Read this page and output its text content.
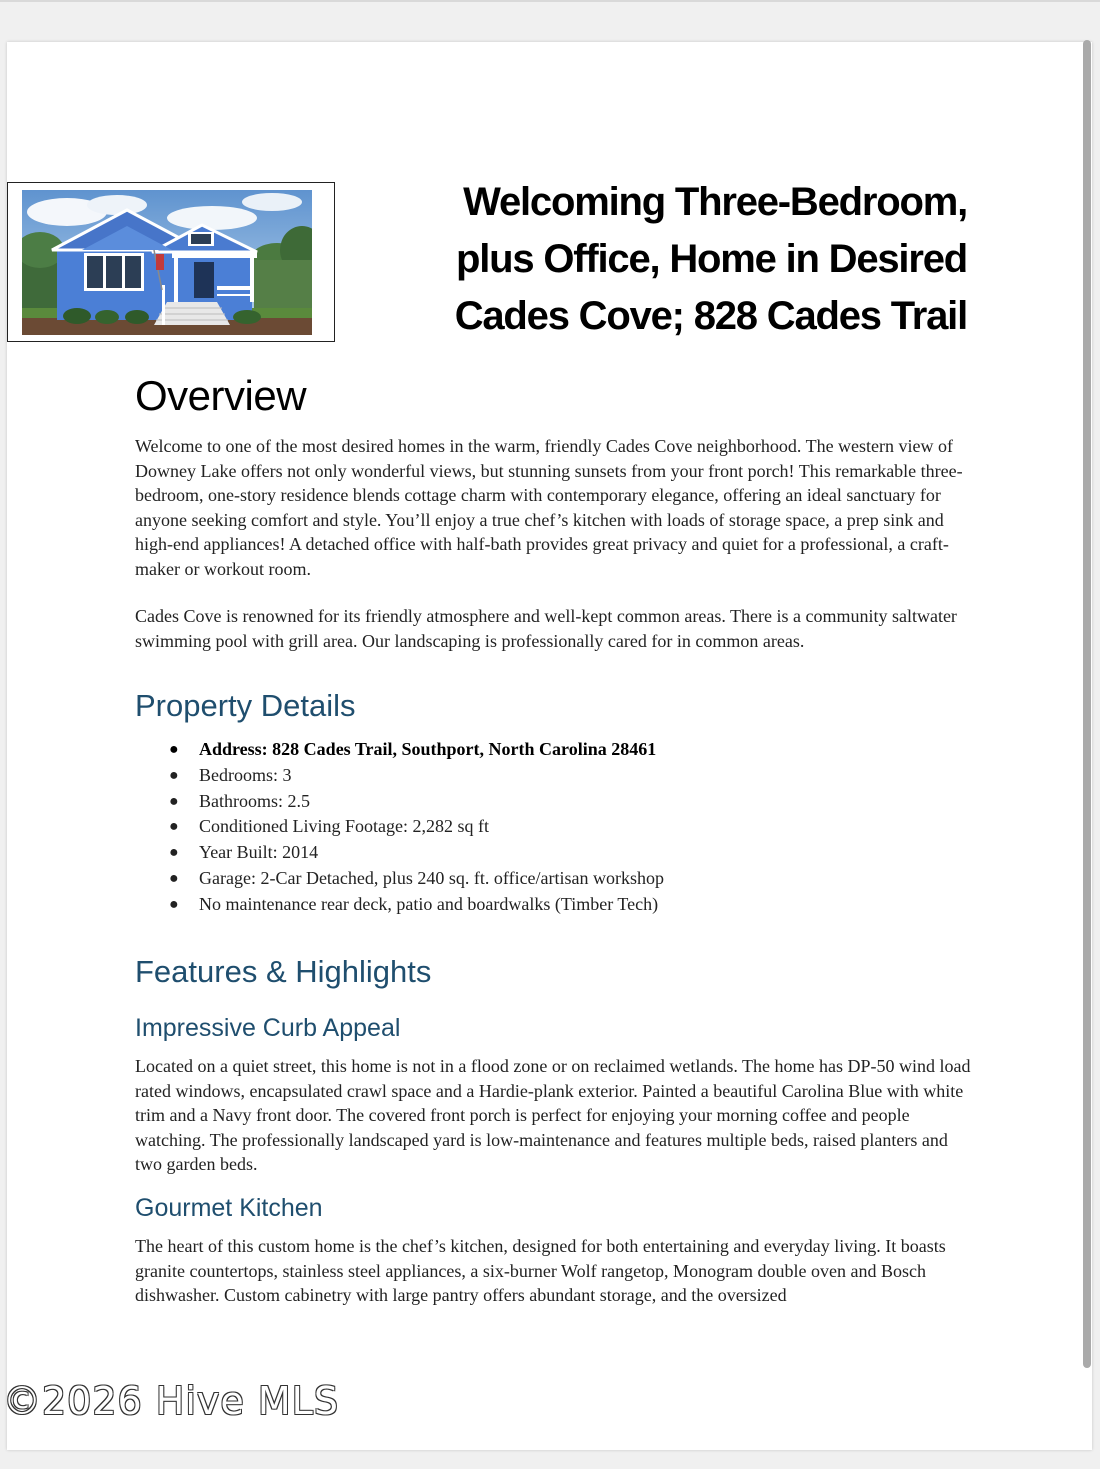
Welcoming Three-Bedroom,
plus Office, Home in Desired
Cades Cove; 828 Cades Trail
Overview

Welcome to one of the most desired homes in the warm, friendly Cades Cove neighborhood. The western view of Downey Lake offers not only wonderful views, but stunning sunsets from your front porch! This remarkable three-bedroom, one-story residence blends cottage charm with contemporary elegance, offering an ideal sanctuary for anyone seeking comfort and style. You’ll enjoy a true chef’s kitchen with loads of storage space, a prep sink and high-end appliances! A detached office with half-bath provides great privacy and quiet for a professional, a craft-maker or workout room.

Cades Cove is renowned for its friendly atmosphere and well-kept common areas. There is a community saltwater swimming pool with grill area. Our landscaping is professionally cared for in common areas.

Property Details
● Address: 828 Cades Trail, Southport, North Carolina 28461
● Bedrooms: 3
● Bathrooms: 2.5
● Conditioned Living Footage: 2,282 sq ft
● Year Built: 2014
● Garage: 2-Car Detached, plus 240 sq. ft. office/artisan workshop
● No maintenance rear deck, patio and boardwalks (Timber Tech)
Features & Highlights
Impressive Curb Appeal

Located on a quiet street, this home is not in a flood zone or on reclaimed wetlands. The home has DP-50 wind load rated windows, encapsulated crawl space and a Hardie-plank exterior. Painted a beautiful Carolina Blue with white trim and a Navy front door. The covered front porch is perfect for enjoying your morning coffee and people watching. The professionally landscaped yard is low-maintenance and features multiple beds, raised planters and two garden beds.

Gourmet Kitchen

The heart of this custom home is the chef’s kitchen, designed for both entertaining and everyday living. It boasts granite countertops, stainless steel appliances, a six-burner Wolf rangetop, Monogram double oven and Bosch dishwasher. Custom cabinetry with large pantry offers abundant storage, and the oversized

©2026 Hive MLS
